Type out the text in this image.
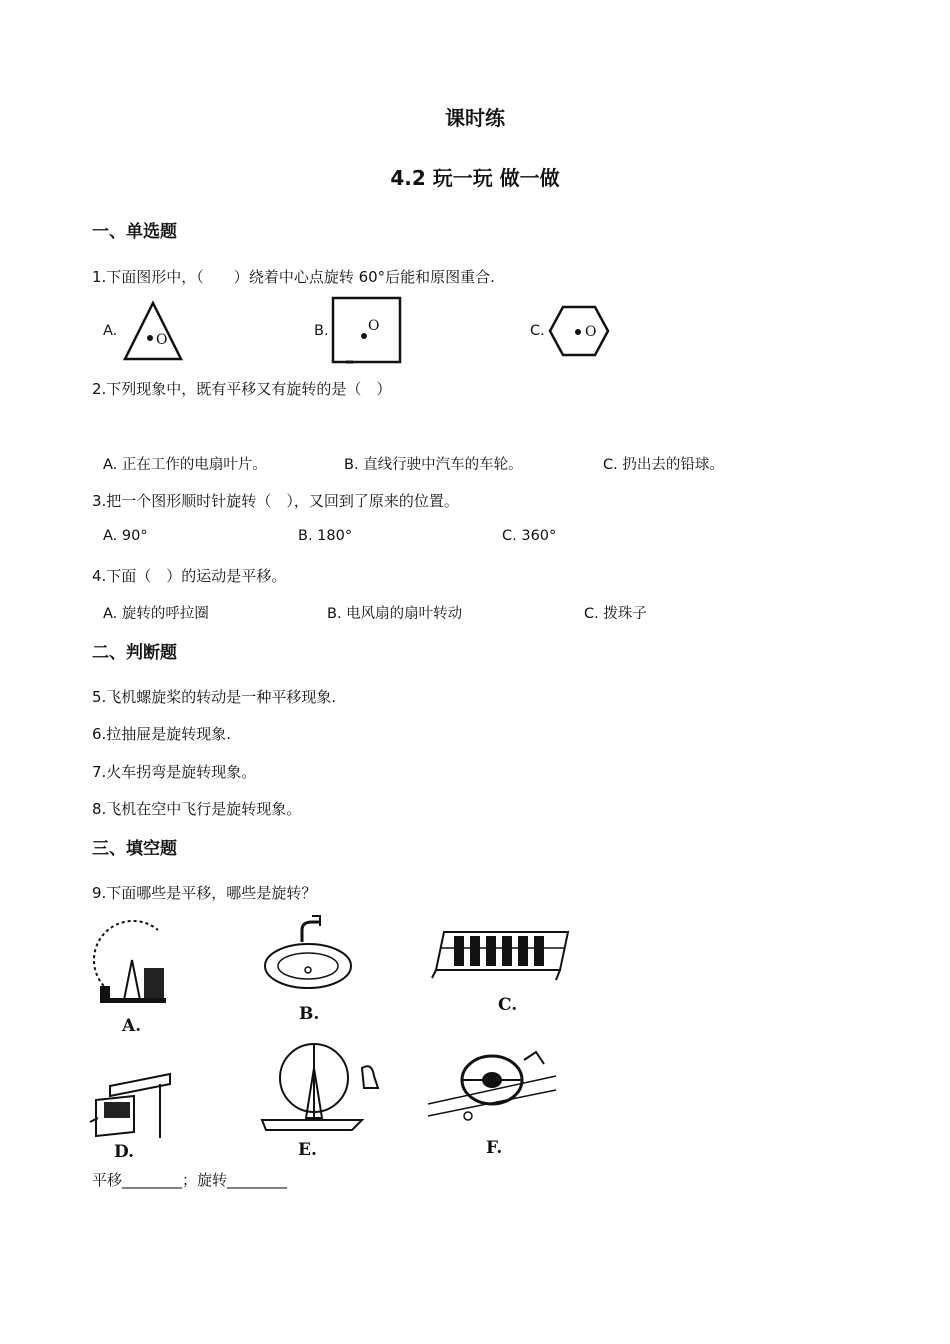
课时练
4.2 玩一玩 做一做
一、单选题
1.下面图形中，（　　）绕着中心点旋转 60°后能和原图重合.
A.
O
B.	O	C.	O
2.下列现象中，既有平移又有旋转的是（　）
A. 正在工作的电扇叶片。	B. 直线行驶中汽车的车轮。	C. 扔出去的铅球。
3.把一个图形顺时针旋转（　），又回到了原来的位置。
A. 90°	B. 180°	C. 360°
4.下面（　）的运动是平移。
A. 旋转的呼拉圈	B. 电风扇的扇叶转动	C. 拨珠子
二、判断题
5.飞机螺旋桨的转动是一种平移现象.
6.拉抽屉是旋转现象.
7.火车拐弯是旋转现象。
8.飞机在空中飞行是旋转现象。
三、填空题
9.下面哪些是平移，哪些是旋转？
A.
B.	C.
D.	E.	F.
平移________；旋转________
